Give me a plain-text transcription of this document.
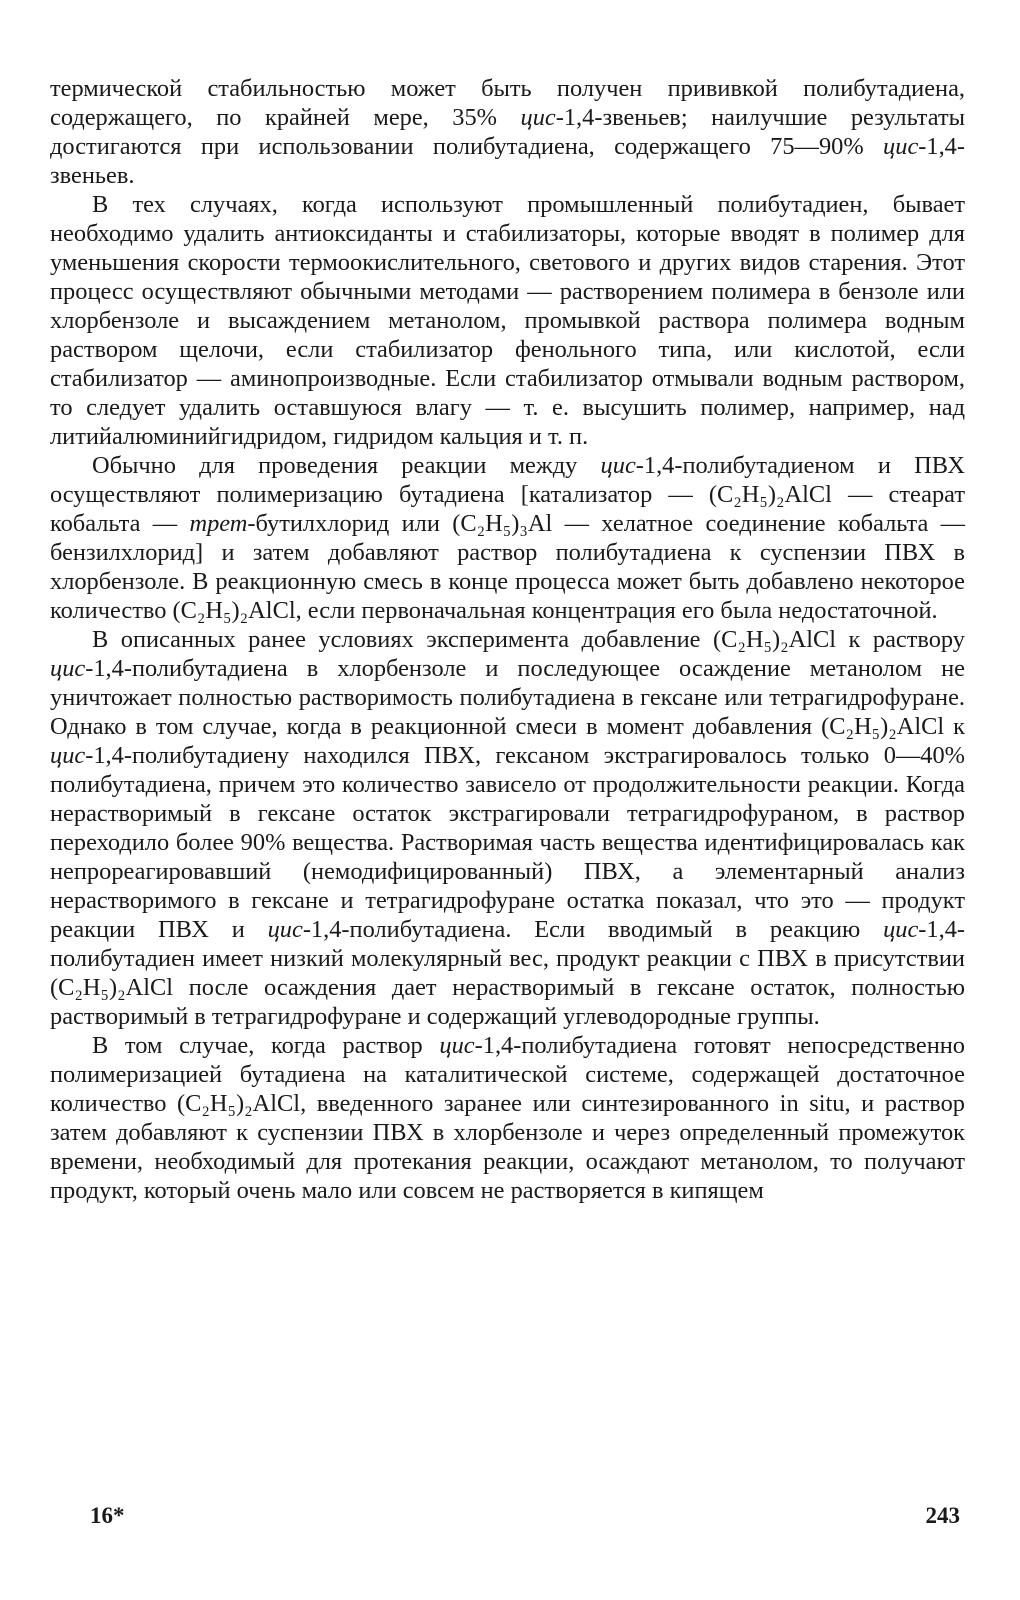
термической стабильностью может быть получен прививкой полибутадиена, содержащего, по крайней мере, 35% цис-1,4-звеньев; наилучшие результаты достигаются при использовании полибутадиена, содержащего 75—90% цис-1,4-звеньев.

В тех случаях, когда используют промышленный полибутадиен, бывает необходимо удалить антиоксиданты и стабилизаторы, которые вводят в полимер для уменьшения скорости термоокислительного, светового и других видов старения. Этот процесс осуществляют обычными методами — растворением полимера в бензоле или хлорбензоле и высаждением метанолом, промывкой раствора полимера водным раствором щелочи, если стабилизатор фенольного типа, или кислотой, если стабилизатор — аминопроизводные. Если стабилизатор отмывали водным раствором, то следует удалить оставшуюся влагу — т. е. высушить полимер, например, над литийалюминийгидридом, гидридом кальция и т. п.

Обычно для проведения реакции между цис-1,4-полибутадиеном и ПВХ осуществляют полимеризацию бутадиена [катализатор — (C₂H₅)₂AlCl — стеарат кобальта — трет-бутилхлорид или (C₂H₅)₃Al — хелатное соединение кобальта — бензилхлорид] и затем добавляют раствор полибутадиена к суспензии ПВХ в хлорбензоле. В реакционную смесь в конце процесса может быть добавлено некоторое количество (C₂H₅)₂AlCl, если первоначальная концентрация его была недостаточной.

В описанных ранее условиях эксперимента добавление (C₂H₅)₂AlCl к раствору цис-1,4-полибутадиена в хлорбензоле и последующее осаждение метанолом не уничтожает полностью растворимость полибутадиена в гексане или тетрагидрофуране. Однако в том случае, когда в реакционной смеси в момент добавления (C₂H₅)₂AlCl к цис-1,4-полибутадиену находился ПВХ, гексаном экстрагировалось только 0—40% полибутадиена, причем это количество зависело от продолжительности реакции. Когда нерастворимый в гексане остаток экстрагировали тетрагидрофураном, в раствор переходило более 90% вещества. Растворимая часть вещества идентифицировалась как непрореагировавший (немодифицированный) ПВХ, а элементарный анализ нерастворимого в гексане и тетрагидрофуране остатка показал, что это — продукт реакции ПВХ и цис-1,4-полибутадиена. Если вводимый в реакцию цис-1,4-полибутадиен имеет низкий молекулярный вес, продукт реакции с ПВХ в присутствии (C₂H₅)₂AlCl после осаждения дает нерастворимый в гексане остаток, полностью растворимый в тетрагидрофуране и содержащий углеводородные группы.

В том случае, когда раствор цис-1,4-полибутадиена готовят непосредственно полимеризацией бутадиена на каталитической системе, содержащей достаточное количество (C₂H₅)₂AlCl, введенного заранее или синтезированного in situ, и раствор затем добавляют к суспензии ПВХ в хлорбензоле и через определенный промежуток времени, необходимый для протекания реакции, осаждают метанолом, то получают продукт, который очень мало или совсем не растворяется в кипящем

16*	243
